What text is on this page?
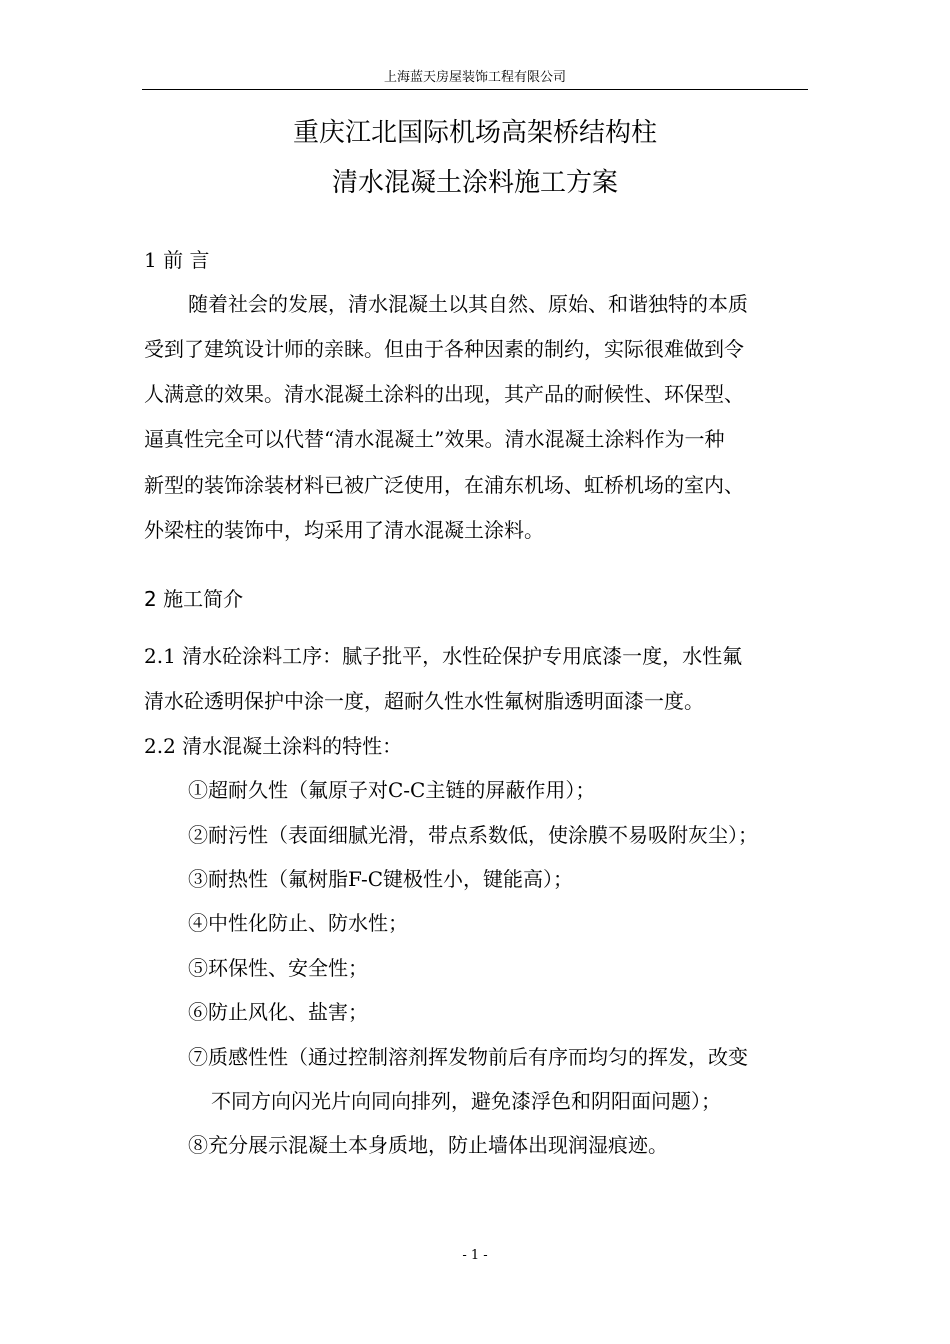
上海蓝天房屋装饰工程有限公司
重庆江北国际机场高架桥结构柱
清水混凝土涂料施工方案
1 前 言
随着社会的发展，清水混凝土以其自然、原始、和谐独特的本质
受到了建筑设计师的亲睐。但由于各种因素的制约，实际很难做到令
人满意的效果。清水混凝土涂料的出现，其产品的耐候性、环保型、
逼真性完全可以代替“清水混凝土”效果。清水混凝土涂料作为一种
新型的装饰涂装材料已被广泛使用，在浦东机场、虹桥机场的室内、
外梁柱的装饰中，均采用了清水混凝土涂料。
2 施工简介
2.1 清水砼涂料工序：腻子批平，水性砼保护专用底漆一度，水性氟
清水砼透明保护中涂一度，超耐久性水性氟树脂透明面漆一度。
2.2 清水混凝土涂料的特性：
①超耐久性（氟原子对C-C主链的屏蔽作用）；
②耐污性（表面细腻光滑，带点系数低，使涂膜不易吸附灰尘）；
③耐热性（氟树脂F-C键极性小，键能高）；
④中性化防止、防水性；
⑤环保性、安全性；
⑥防止风化、盐害；
⑦质感性性（通过控制溶剂挥发物前后有序而均匀的挥发，改变
不同方向闪光片向同向排列，避免漆浮色和阴阳面问题）；
⑧充分展示混凝土本身质地，防止墙体出现润湿痕迹。
- 1 -
